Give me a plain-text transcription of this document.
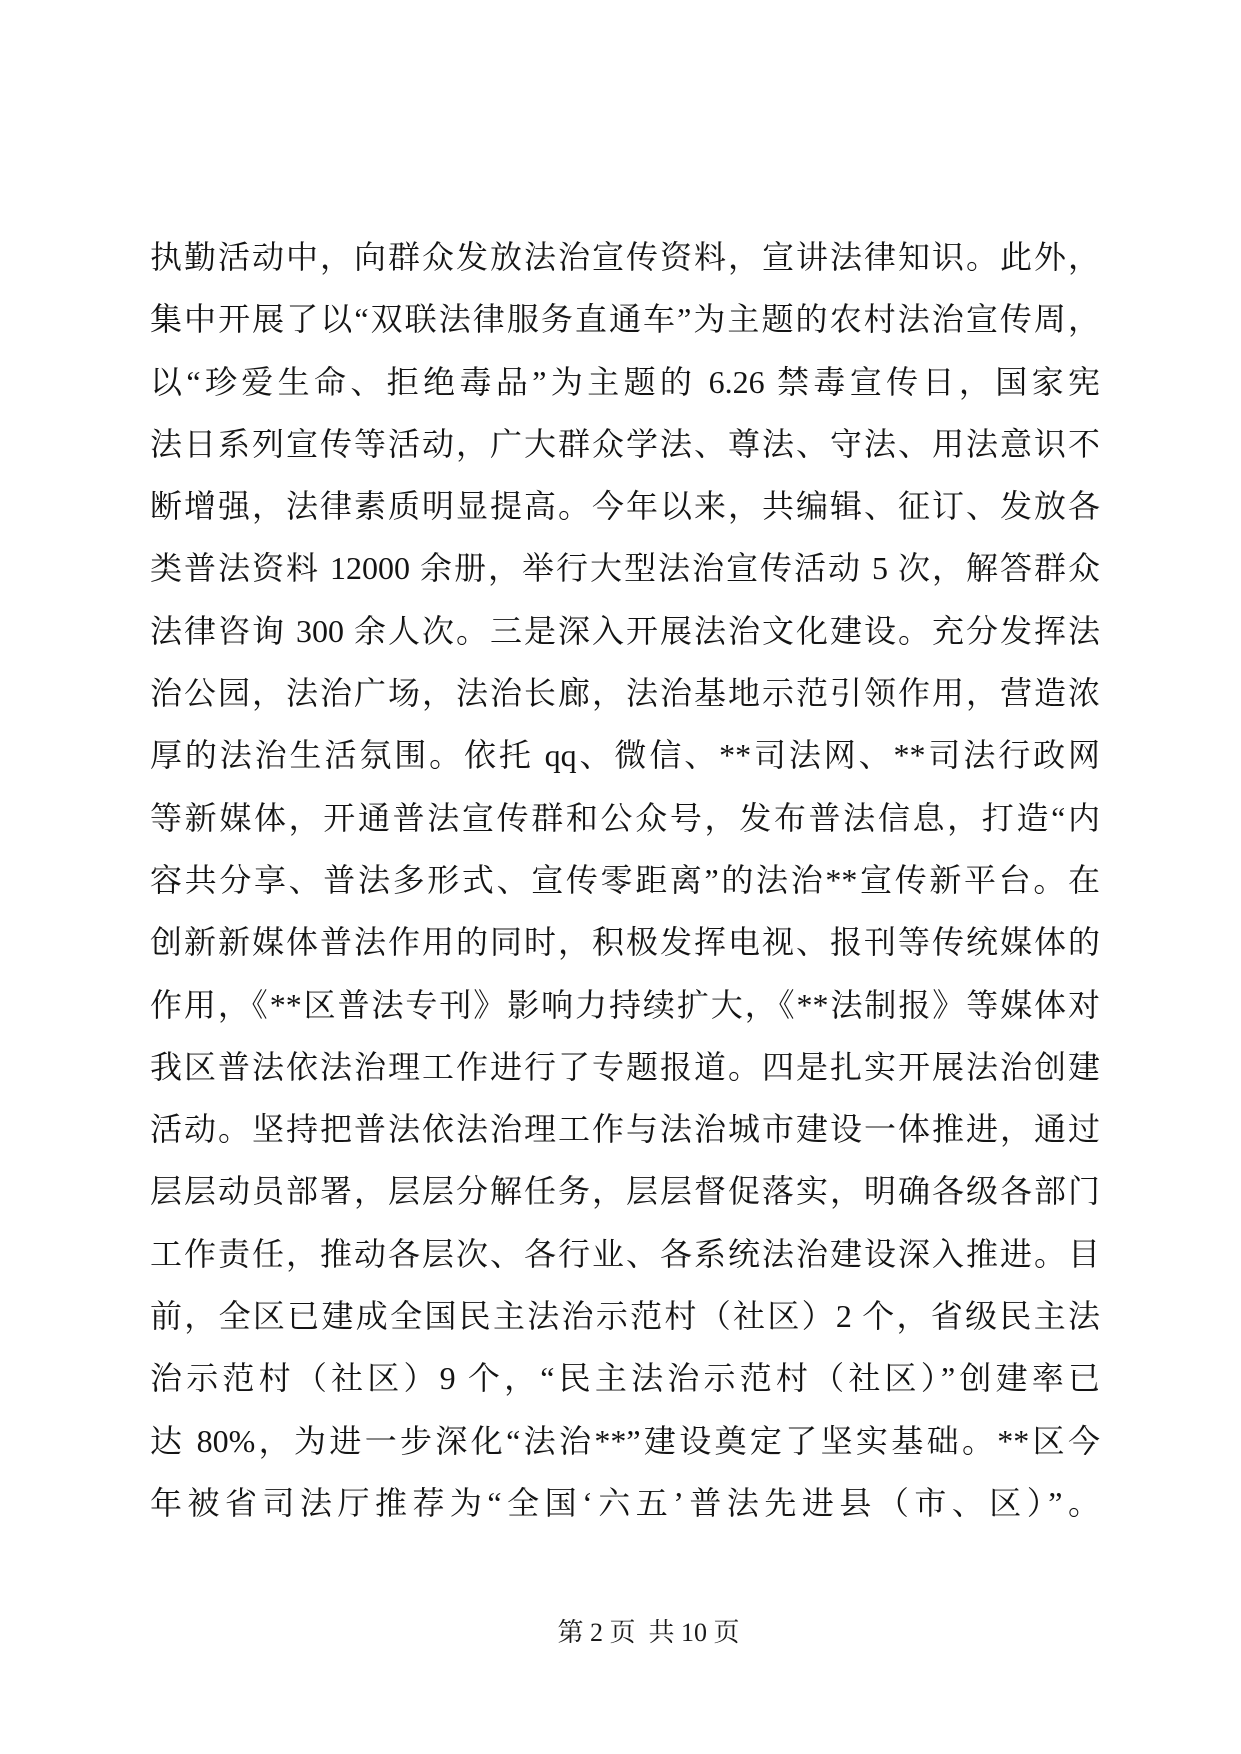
执勤活动中，向群众发放法治宣传资料，宣讲法律知识。此外，
集中开展了以“双联法律服务直通车”为主题的农村法治宣传周，
以“珍爱生命、拒绝毒品”为主题的 6.26 禁毒宣传日，国家宪
法日系列宣传等活动，广大群众学法、尊法、守法、用法意识不
断增强，法律素质明显提高。今年以来，共编辑、征订、发放各
类普法资料 12000 余册，举行大型法治宣传活动 5 次，解答群众
法律咨询 300 余人次。三是深入开展法治文化建设。充分发挥法
治公园，法治广场，法治长廊，法治基地示范引领作用，营造浓
厚的法治生活氛围。依托 qq、微信、**司法网、**司法行政网
等新媒体，开通普法宣传群和公众号，发布普法信息，打造“内
容共分享、普法多形式、宣传零距离”的法治**宣传新平台。在
创新新媒体普法作用的同时，积极发挥电视、报刊等传统媒体的
作用，《**区普法专刊》影响力持续扩大，《**法制报》等媒体对
我区普法依法治理工作进行了专题报道。四是扎实开展法治创建
活动。坚持把普法依法治理工作与法治城市建设一体推进，通过
层层动员部署，层层分解任务，层层督促落实，明确各级各部门
工作责任，推动各层次、各行业、各系统法治建设深入推进。目
前，全区已建成全国民主法治示范村（社区）2 个，省级民主法
治示范村（社区）9 个，“民主法治示范村（社区）”创建率已
达 80%，为进一步深化“法治**”建设奠定了坚实基础。**区今
年被省司法厅推荐为“全国‘六五’普法先进县（市、区）”。
第 2 页  共 10 页
